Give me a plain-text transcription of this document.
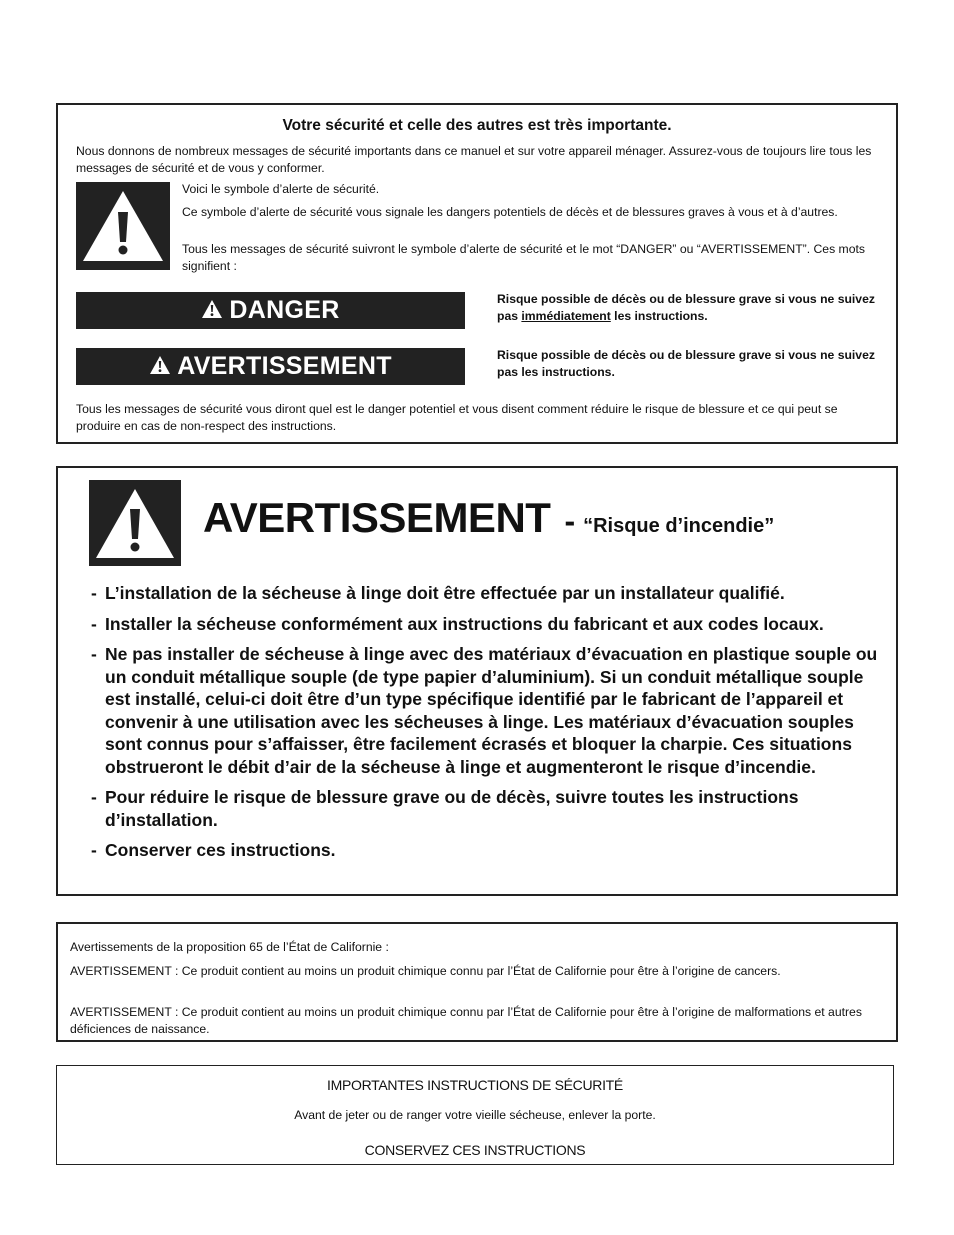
Votre sécurité et celle des autres est très importante.
Nous donnons de nombreux messages de sécurité importants dans ce manuel et sur votre appareil ménager. Assurez-vous de toujours lire tous les messages de sécurité et de vous y conformer.
Voici le symbole d’alerte de sécurité.
Ce symbole d’alerte de sécurité vous signale les dangers potentiels de décès et de blessures graves à vous et à d’autres.
Tous les messages de sécurité suivront le symbole d’alerte de sécurité et le mot “DANGER” ou “AVERTISSEMENT”. Ces mots signifient :
DANGER	Risque possible de décès ou de blessure grave si vous ne suivez pas immédiatement les instructions.
AVERTISSEMENT	Risque possible de décès ou de blessure grave si vous ne suivez pas les instructions.
Tous les messages de sécurité vous diront quel est le danger potentiel et vous disent comment réduire le risque de blessure et ce qui peut se produire en cas de non-respect des instructions.
AVERTISSEMENT - “Risque d’incendie”
- L’installation de la sécheuse à linge doit être effectuée par un installateur qualifié.
- Installer la sécheuse conformément aux instructions du fabricant et aux codes locaux.
- Ne pas installer de sécheuse à linge avec des matériaux d’évacuation en plastique souple ou un conduit métallique souple (de type papier d’aluminium). Si un conduit métallique souple est installé, celui-ci doit être d’un type spécifique identifié par le fabricant de l’appareil et convenir à une utilisation avec les sécheuses à linge. Les matériaux d’évacuation souples sont connus pour s’affaisser, être facilement écrasés et bloquer la charpie. Ces situations obstrueront le débit d’air de la sécheuse à linge et augmenteront le risque d’incendie.
- Pour réduire le risque de blessure grave ou de décès, suivre toutes les instructions d’installation.
- Conserver ces instructions.
Avertissements de la proposition 65 de l’État de Californie :
AVERTISSEMENT : Ce produit contient au moins un produit chimique connu par l’État de Californie pour être à l’origine de cancers.
AVERTISSEMENT : Ce produit contient au moins un produit chimique connu par l’État de Californie pour être à l’origine de malformations et autres déficiences de naissance.
IMPORTANTES INSTRUCTIONS DE SÉCURITÉ
Avant de jeter ou de ranger votre vieille sécheuse, enlever la porte.
CONSERVEZ CES INSTRUCTIONS
